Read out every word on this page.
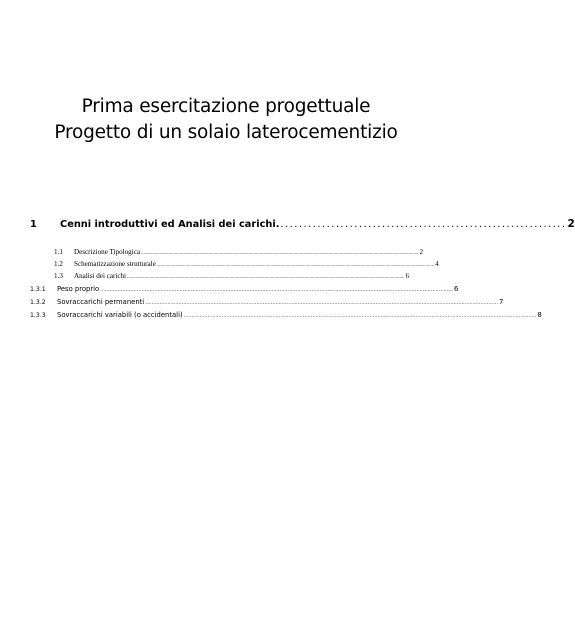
Prima esercitazione progettuale
Progetto di un solaio laterocementizio
1	Cenni introduttivi ed Analisi dei carichi. .............................................................. 2
1.1	Descrizione Tipologica .............................................................................................................................................................................................................................. 2
1.2	Schematizzazione strutturale .............................................................................................................................................................................................................................. 4
1.3	Analisi dei carichi .............................................................................................................................................................................................................................. 6
1.3.1	Peso proprio .............................................................................................................................................................................................................................. 6
1.3.2	Sovraccarichi permanenti .............................................................................................................................................................................................................................. 7
1.3.3	Sovraccarichi variabili (o accidentali) .............................................................................................................................................................................................................................. 8
